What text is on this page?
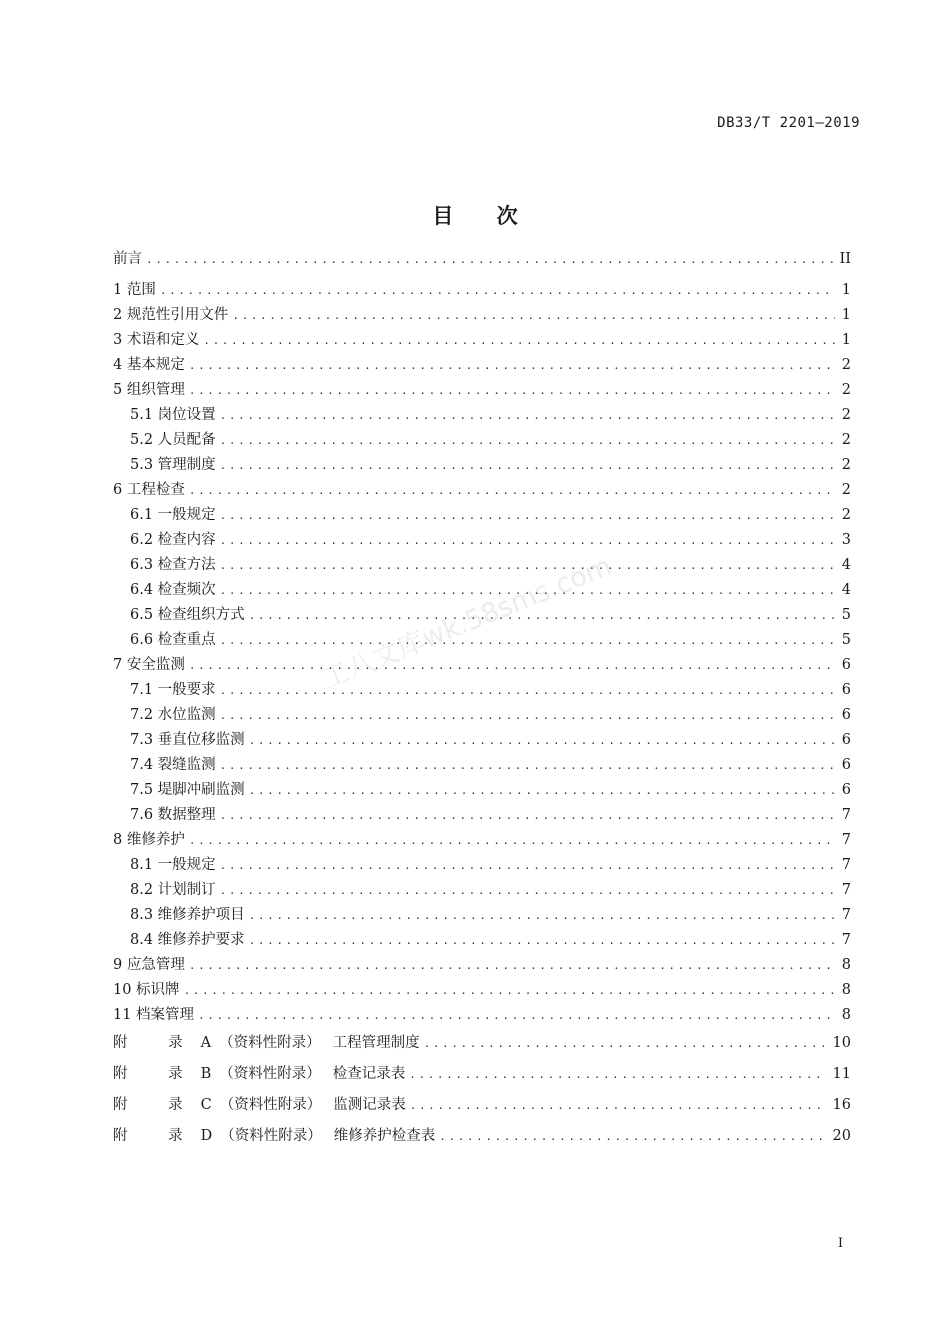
DB33/T 2201—2019
目 次
前言 .....	II
1 范围 .....	1
2 规范性引用文件 .....	1
3 术语和定义 .....	1
4 基本规定 .....	2
5 组织管理 .....	2
5.1 岗位设置 .....	2
5.2 人员配备 .....	2
5.3 管理制度 .....	2
6 工程检查 .....	2
6.1 一般规定 .....	2
6.2 检查内容 .....	3
6.3 检查方法 .....	4
6.4 检查频次 .....	4
6.5 检查组织方式 .....	5
6.6 检查重点 .....	5
7 安全监测 .....	6
7.1 一般要求 .....	6
7.2 水位监测 .....	6
7.3 垂直位移监测 .....	6
7.4 裂缝监测 .....	6
7.5 堤脚冲刷监测 .....	6
7.6 数据整理 .....	7
8 维修养护 .....	7
8.1 一般规定 .....	7
8.2 计划制订 .....	7
8.3 维修养护项目 .....	7
8.4 维修养护要求 .....	7
9 应急管理 .....	8
10 标识牌 .....	8
11 档案管理 .....	8
附 录A （资料性附录） 工程管理制度 .....	10
附 录B （资料性附录） 检查记录表 .....	11
附 录C （资料性附录） 监测记录表 .....	16
附 录D （资料性附录） 维修养护检查表 .....	20
工八文库wk.58sms.com
I
